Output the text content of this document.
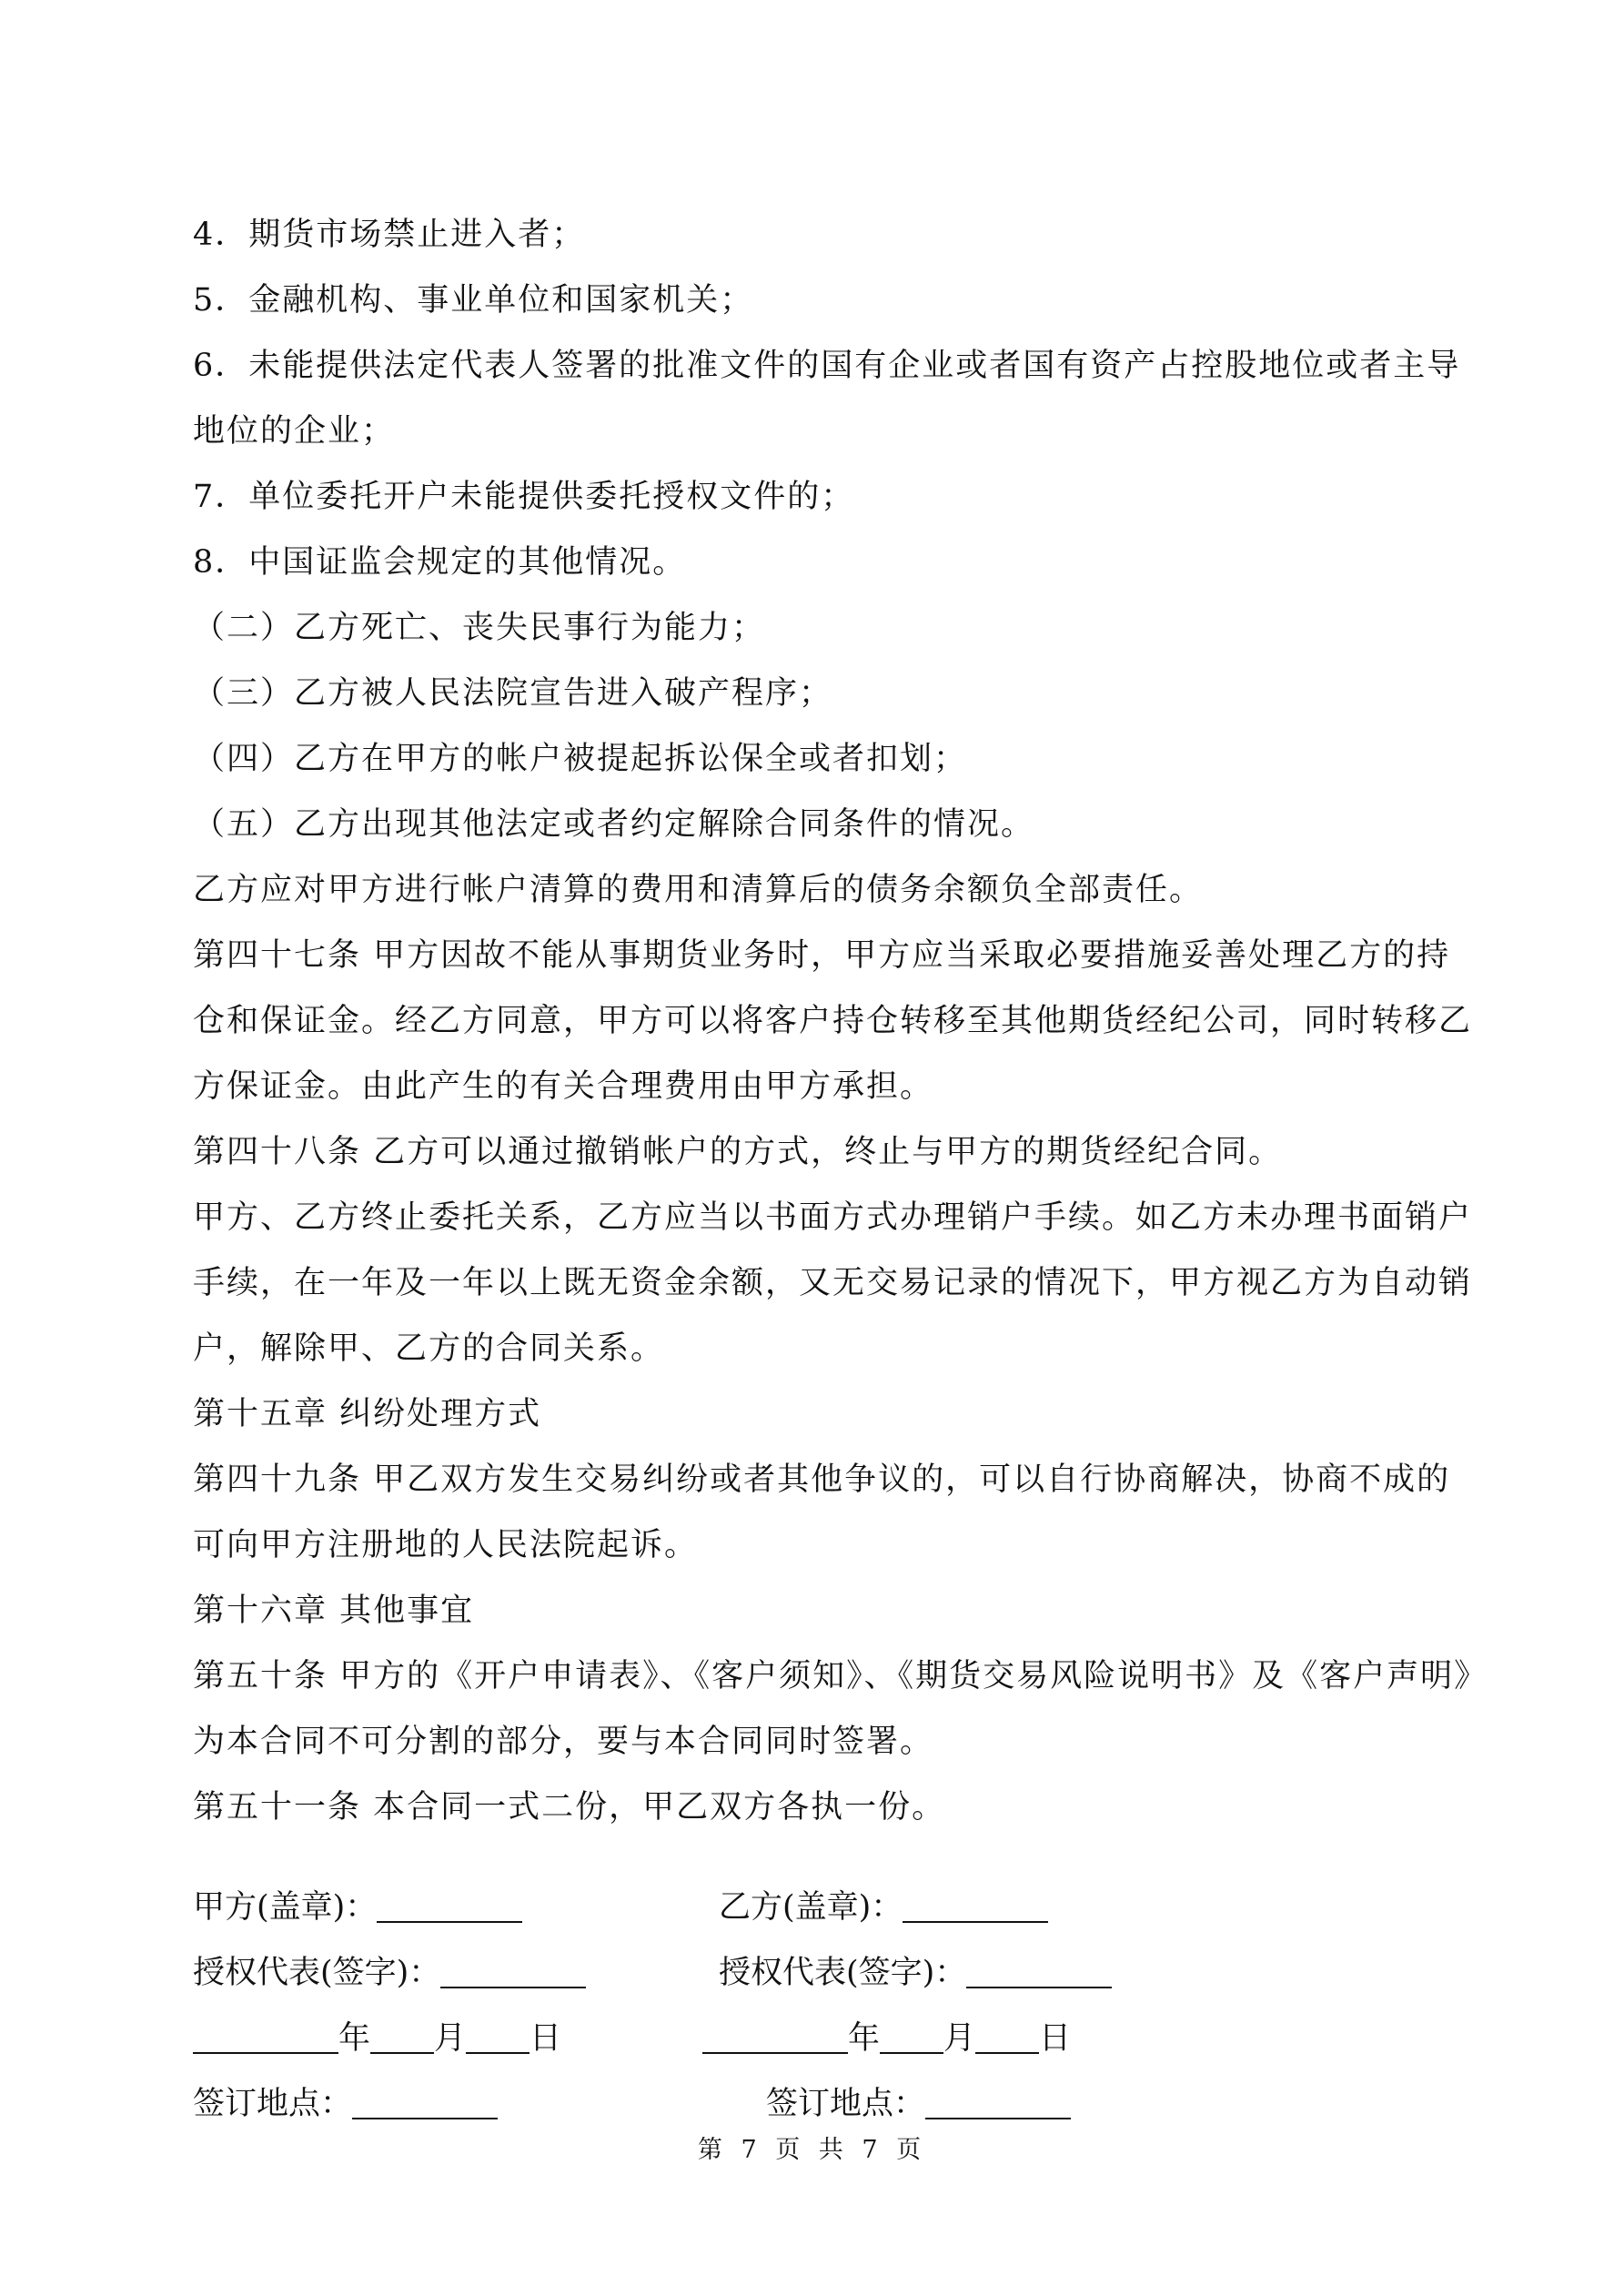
4．期货市场禁止进入者；
5．金融机构、事业单位和国家机关；
6．未能提供法定代表人签署的批准文件的国有企业或者国有资产占控股地位或者主导
地位的企业；
7．单位委托开户未能提供委托授权文件的；
8．中国证监会规定的其他情况。
（二）乙方死亡、丧失民事行为能力；
（三）乙方被人民法院宣告进入破产程序；
（四）乙方在甲方的帐户被提起拆讼保全或者扣划；
（五）乙方出现其他法定或者约定解除合同条件的情况。
乙方应对甲方进行帐户清算的费用和清算后的债务余额负全部责任。
第四十七条 甲方因故不能从事期货业务时，甲方应当采取必要措施妥善处理乙方的持
仓和保证金。经乙方同意，甲方可以将客户持仓转移至其他期货经纪公司，同时转移乙
方保证金。由此产生的有关合理费用由甲方承担。
第四十八条 乙方可以通过撤销帐户的方式，终止与甲方的期货经纪合同。
甲方、乙方终止委托关系，乙方应当以书面方式办理销户手续。如乙方未办理书面销户
手续，在一年及一年以上既无资金余额，又无交易记录的情况下，甲方视乙方为自动销
户，解除甲、乙方的合同关系。
第十五章 纠纷处理方式
第四十九条 甲乙双方发生交易纠纷或者其他争议的，可以自行协商解决，协商不成的
可向甲方注册地的人民法院起诉。
第十六章 其他事宜
第五十条 甲方的《开户申请表》、《客户须知》、《期货交易风险说明书》及《客户声明》
为本合同不可分割的部分，要与本合同同时签署。
第五十一条 本合同一式二份，甲乙双方各执一份。
甲方(盖章)：	乙方(盖章)：
授权代表(签字)：	授权代表(签字)：
年 月 日	年 月 日
签订地点：	签订地点：
第 7 页 共 7 页
